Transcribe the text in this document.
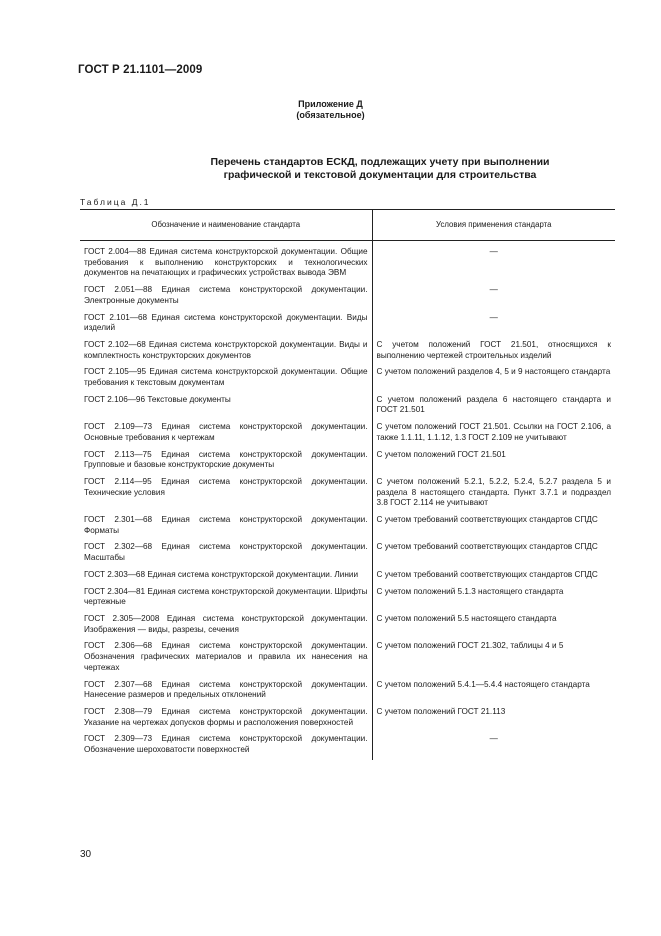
ГОСТ Р 21.1101—2009
Приложение Д
(обязательное)
Перечень стандартов ЕСКД, подлежащих учету при выполнении
графической и текстовой документации для строительства
Таблица Д.1
Обозначение и наименование стандарта	Условия применения стандарта
ГОСТ 2.004—88 Единая система конструкторской документации. Общие требования к выполнению конструкторских и технологических документов на печатающих и графических устройствах вывода ЭВМ	—
ГОСТ 2.051—88 Единая система конструкторской документации. Электронные документы	—
ГОСТ 2.101—68 Единая система конструкторской документации. Виды изделий	—
ГОСТ 2.102—68 Единая система конструкторской документации. Виды и комплектность конструкторских документов	С учетом положений ГОСТ 21.501, относящихся к выполнению чертежей строительных изделий
ГОСТ 2.105—95 Единая система конструкторской документации. Общие требования к текстовым документам	С учетом положений разделов 4, 5 и 9 настоящего стандарта
ГОСТ 2.106—96 Текстовые документы	С учетом положений раздела 6 настоящего стандарта и ГОСТ 21.501
ГОСТ 2.109—73 Единая система конструкторской документации. Основные требования к чертежам	С учетом положений ГОСТ 21.501. Ссылки на ГОСТ 2.106, а также 1.1.11, 1.1.12, 1.3 ГОСТ 2.109 не учитывают
ГОСТ 2.113—75 Единая система конструкторской документации. Групповые и базовые конструкторские документы	С учетом положений ГОСТ 21.501
ГОСТ 2.114—95 Единая система конструкторской документации. Технические условия	С учетом положений 5.2.1, 5.2.2, 5.2.4, 5.2.7 раздела 5 и раздела 8 настоящего стандарта. Пункт 3.7.1 и подраздел 3.8 ГОСТ 2.114 не учитывают
ГОСТ 2.301—68 Единая система конструкторской документации. Форматы	С учетом требований соответствующих стандартов СПДС
ГОСТ 2.302—68 Единая система конструкторской документации. Масштабы	С учетом требований соответствующих стандартов СПДС
ГОСТ 2.303—68 Единая система конструкторской документации. Линии	С учетом требований соответствующих стандартов СПДС
ГОСТ 2.304—81 Единая система конструкторской документации. Шрифты чертежные	С учетом положений 5.1.3 настоящего стандарта
ГОСТ 2.305—2008 Единая система конструкторской документации. Изображения — виды, разрезы, сечения	С учетом положений 5.5 настоящего стандарта
ГОСТ 2.306—68 Единая система конструкторской документации. Обозначения графических материалов и правила их нанесения на чертежах	С учетом положений ГОСТ 21.302, таблицы 4 и 5
ГОСТ 2.307—68 Единая система конструкторской документации. Нанесение размеров и предельных отклонений	С учетом положений 5.4.1—5.4.4 настоящего стандарта
ГОСТ 2.308—79 Единая система конструкторской документации. Указание на чертежах допусков формы и расположения поверхностей	С учетом положений ГОСТ 21.113
ГОСТ 2.309—73 Единая система конструкторской документации. Обозначение шероховатости поверхностей	—
30
